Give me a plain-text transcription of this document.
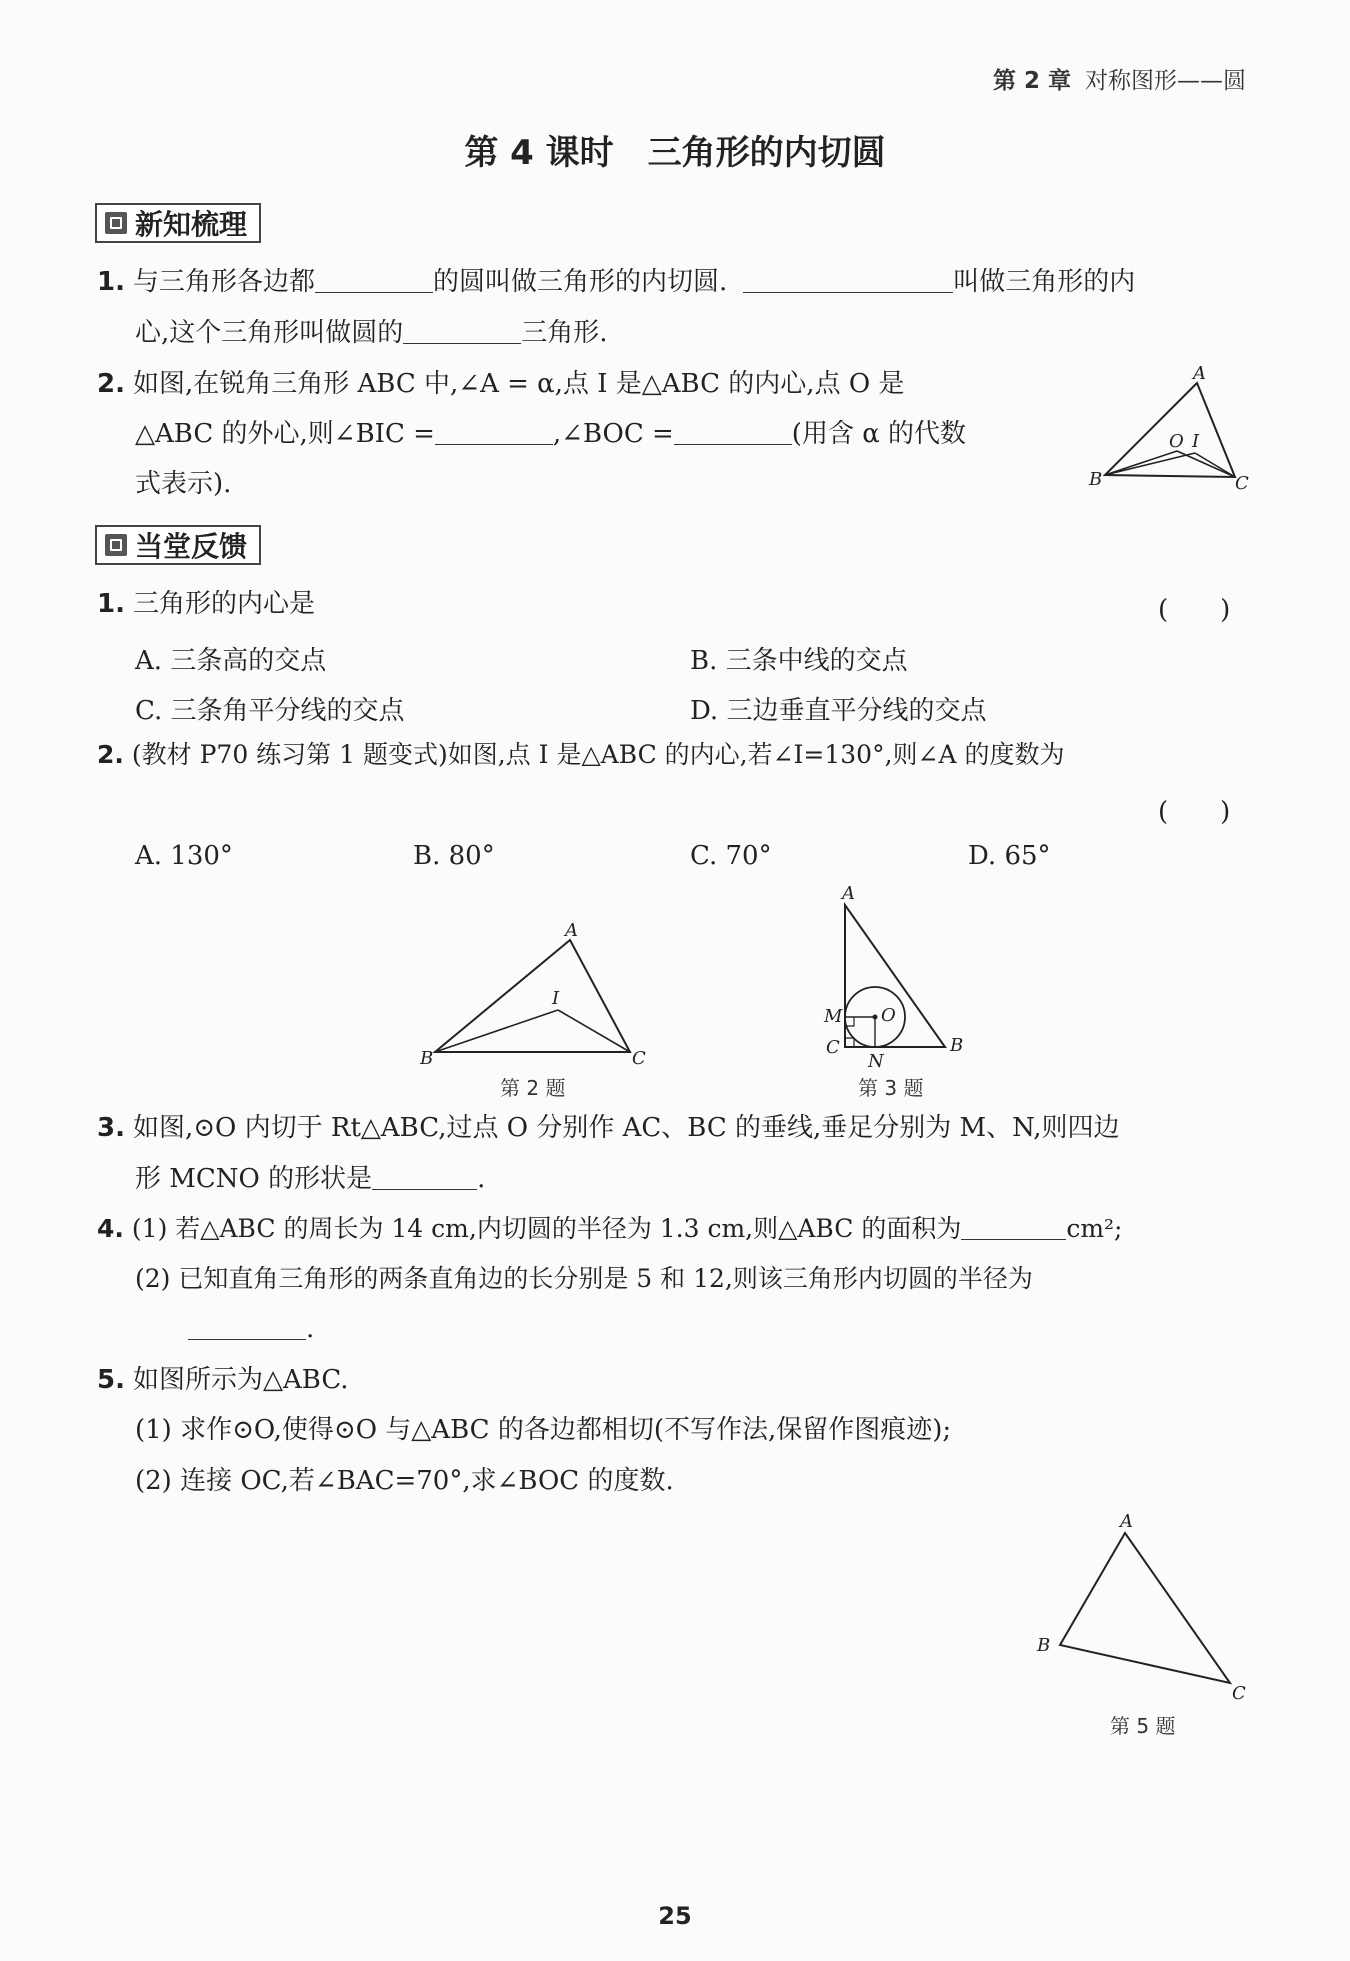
第 2 章 对称图形——圆
第 4 课时　三角形的内切圆
新知梳理
1. 与三角形各边都	的圆叫做三角形的内切圆.	叫做三角形的内
心,这个三角形叫做圆的	三角形.
2. 如图,在锐角三角形 ABC 中,∠A = α,点 I 是△ABC 的内心,点 O 是
△ABC 的外心,则∠BIC =	,∠BOC =	(用含 α 的代数
式表示).
A
B	C
O I
当堂反馈
1. 三角形的内心是	(　　)
A. 三条高的交点	B. 三条中线的交点
C. 三条角平分线的交点	D. 三边垂直平分线的交点
2. (教材 P70 练习第 1 题变式)如图,点 I 是△ABC 的内心,若∠I=130°,则∠A 的度数为
(　　)
A. 130°	B. 80°	C. 70°	D. 65°
A
B	C
I
第 2 题
A
B
C
M
N
O
第 3 题
3. 如图,⊙O 内切于 Rt△ABC,过点 O 分别作 AC、BC 的垂线,垂足分别为 M、N,则四边
形 MCNO 的形状是	.
4. (1) 若△ABC 的周长为 14 cm,内切圆的半径为 1.3 cm,则△ABC 的面积为	cm²;
(2) 已知直角三角形的两条直角边的长分别是 5 和 12,则该三角形内切圆的半径为
.
5. 如图所示为△ABC.
(1) 求作⊙O,使得⊙O 与△ABC 的各边都相切(不写作法,保留作图痕迹);
(2) 连接 OC,若∠BAC=70°,求∠BOC 的度数.
A
B
C
第 5 题
25
